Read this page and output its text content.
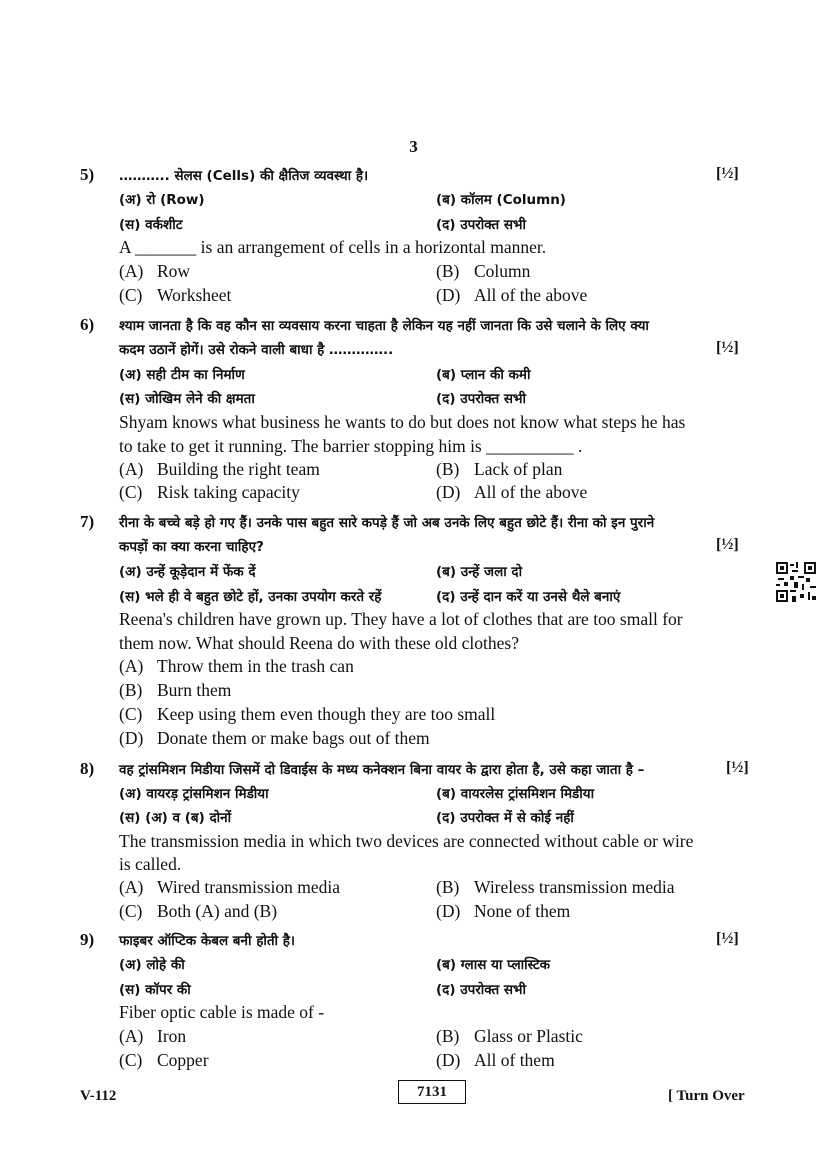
3
5) ……….. सेलस (Cells) की क्षैतिज व्यवस्था है।	[½]
(अ) रो (Row)	(ब) कॉलम (Column)
(स) वर्कशीट	(द) उपरोक्त सभी
A _______ is an arrangement of cells in a horizontal manner.
(A) Row	(B) Column
(C) Worksheet	(D) All of the above
6) श्याम जानता है कि वह कौन सा व्यवसाय करना चाहता है लेकिन यह नहीं जानता कि उसे चलाने के लिए क्या
कदम उठानें होगें। उसे रोकने वाली बाधा है …………..	[½]
(अ) सही टीम का निर्माण	(ब) प्लान की कमी
(स) जोखिम लेने की क्षमता	(द) उपरोक्त सभी
Shyam knows what business he wants to do but does not know what steps he has
to take to get it running. The barrier stopping him is __________ .
(A) Building the right team	(B) Lack of plan
(C) Risk taking capacity	(D) All of the above
7) रीना के बच्चे बड़े हो गए हैं। उनके पास बहुत सारे कपड़े हैं जो अब उनके लिए बहुत छोटे हैं। रीना को इन पुराने
कपड़ों का क्या करना चाहिए?	[½]
(अ) उन्हें कूड़ेदान में फेंक दें	(ब) उन्हें जला दो
(स) भले ही वे बहुत छोटे हों, उनका उपयोग करते रहें	(द) उन्हें दान करें या उनसे थैले बनाएं
Reena's children have grown up. They have a lot of clothes that are too small for
them now. What should Reena do with these old clothes?
(A) Throw them in the trash can
(B) Burn them
(C) Keep using them even though they are too small
(D) Donate them or make bags out of them
8) वह ट्रांसमिशन मिडीया जिसमें दो डिवाईस के मध्य कनेक्शन बिना वायर के द्वारा होता है, उसे कहा जाता है –	[½]
(अ) वायरड़ ट्रांसमिशन मिडीया	(ब) वायरलेस ट्रांसमिशन मिडीया
(स) (अ) व (ब) दोनों	(द) उपरोक्त में से कोई नहीं
The transmission media in which two devices are connected without cable or wire
is called.
(A) Wired transmission media	(B) Wireless transmission media
(C) Both (A) and (B)	(D) None of them
9) फाइबर ऑप्टिक केबल बनी होती है।	[½]
(अ) लोहे की	(ब) ग्लास या प्लास्टिक
(स) कॉपर की	(द) उपरोक्त सभी
Fiber optic cable is made of -
(A) Iron	(B) Glass or Plastic
(C) Copper	(D) All of them
V-112	7131	[ Turn Over
